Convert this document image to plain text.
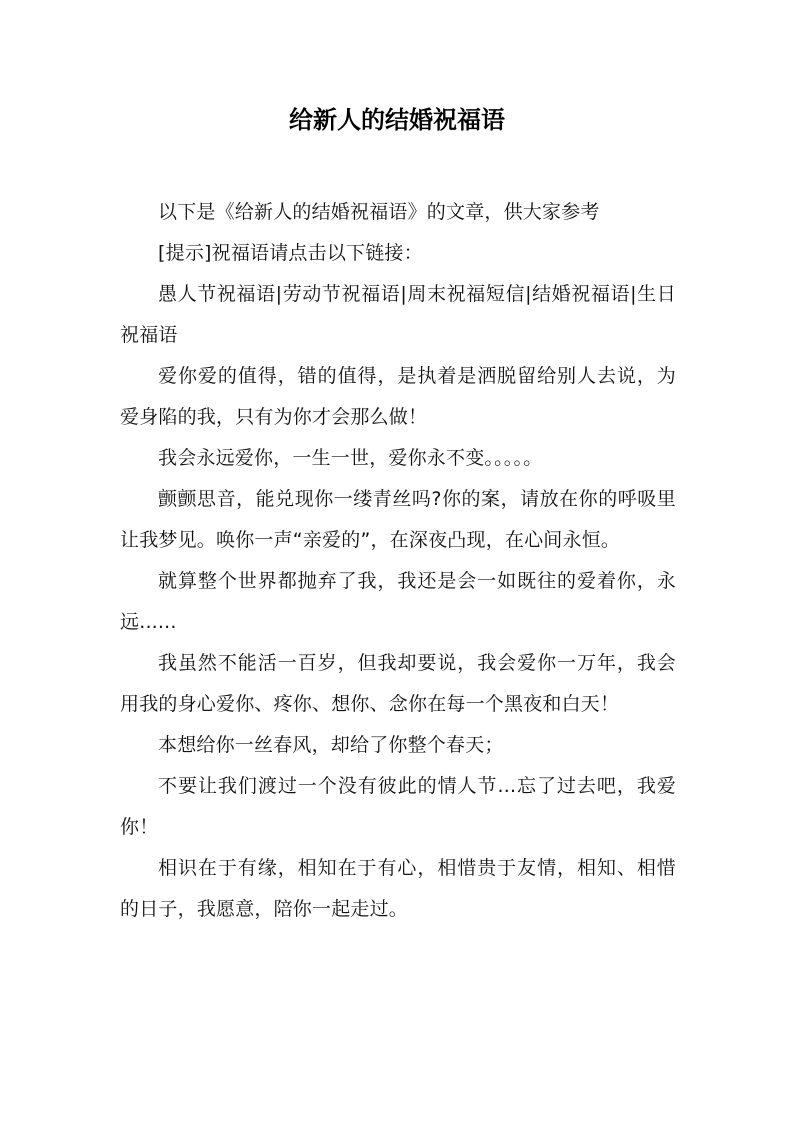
给新人的结婚祝福语

以下是《给新人的结婚祝福语》的文章，供大家参考

[提示]祝福语请点击以下链接：

愚人节祝福语|劳动节祝福语|周末祝福短信|结婚祝福语|生日祝福语

爱你爱的值得，错的值得，是执着是洒脱留给别人去说，为爱身陷的我，只有为你才会那么做！

我会永远爱你，一生一世，爱你永不变。。。。。

颤颤思音，能兑现你一缕青丝吗?你的案，请放在你的呼吸里让我梦见。唤你一声“亲爱的”，在深夜凸现，在心间永恒。

就算整个世界都抛弃了我，我还是会一如既往的爱着你，永远......

我虽然不能活一百岁，但我却要说，我会爱你一万年，我会用我的身心爱你、疼你、想你、念你在每一个黑夜和白天！

本想给你一丝春风，却给了你整个春天；

不要让我们渡过一个没有彼此的情人节...忘了过去吧，我爱你！

相识在于有缘，相知在于有心，相惜贵于友情，相知、相惜的日子，我愿意，陪你一起走过。
